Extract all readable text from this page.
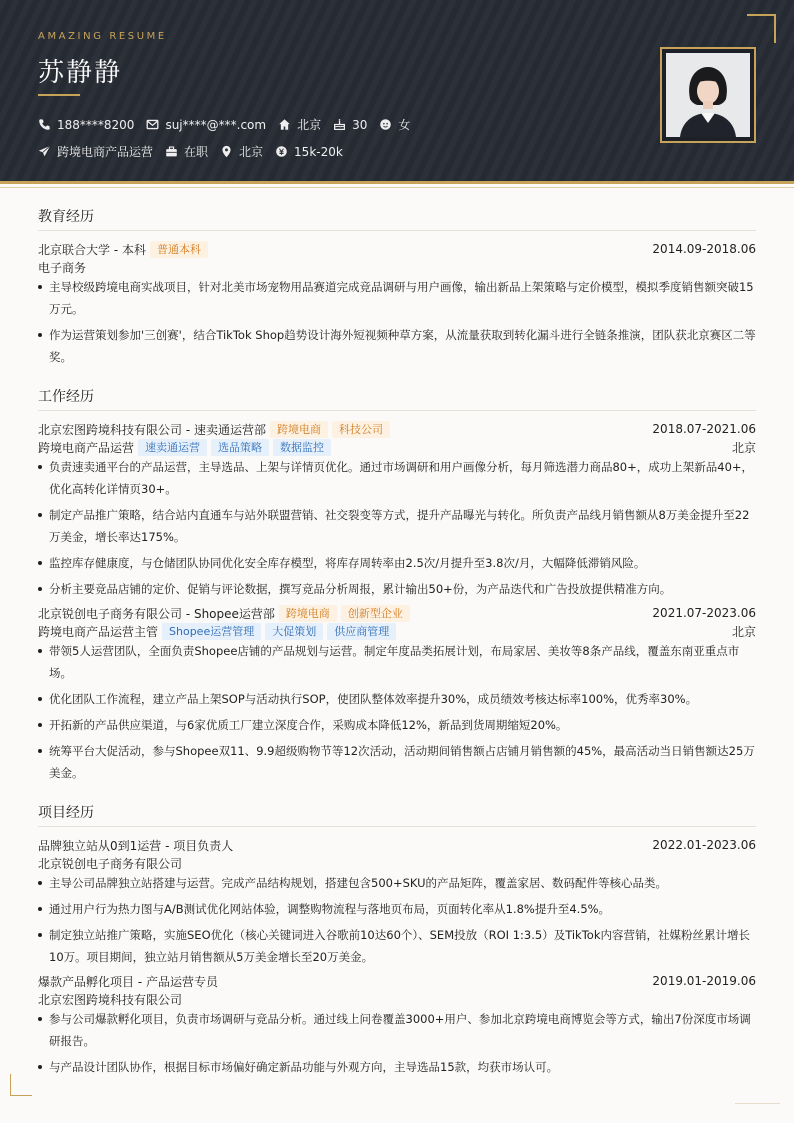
AMAZING RESUME
苏静静
188****8200	suj****@***.com	北京	30	女
跨境电商产品运营	在职	北京	15k-20k
教育经历
北京联合大学 - 本科	普通本科	2014.09-2018.06
电子商务
主导校级跨境电商实战项目，针对北美市场宠物用品赛道完成竞品调研与用户画像，输出新品上架策略与定价模型，模拟季度销售额突破15万元。
作为运营策划参加'三创赛'，结合TikTok Shop趋势设计海外短视频种草方案，从流量获取到转化漏斗进行全链条推演，团队获北京赛区二等奖。
工作经历
北京宏图跨境科技有限公司 - 速卖通运营部	跨境电商	科技公司	2018.07-2021.06
跨境电商产品运营	速卖通运营	选品策略	数据监控	北京
负责速卖通平台的产品运营，主导选品、上架与详情页优化。通过市场调研和用户画像分析，每月筛选潜力商品80+，成功上架新品40+，优化高转化详情页30+。
制定产品推广策略，结合站内直通车与站外联盟营销、社交裂变等方式，提升产品曝光与转化。所负责产品线月销售额从8万美金提升至22万美金，增长率达175%。
监控库存健康度，与仓储团队协同优化安全库存模型，将库存周转率由2.5次/月提升至3.8次/月，大幅降低滞销风险。
分析主要竞品店铺的定价、促销与评论数据，撰写竞品分析周报，累计输出50+份，为产品迭代和广告投放提供精准方向。
北京锐创电子商务有限公司 - Shopee运营部	跨境电商	创新型企业	2021.07-2023.06
跨境电商产品运营主管	Shopee运营管理	大促策划	供应商管理	北京
带领5人运营团队，全面负责Shopee店铺的产品规划与运营。制定年度品类拓展计划，布局家居、美妆等8条产品线，覆盖东南亚重点市场。
优化团队工作流程，建立产品上架SOP与活动执行SOP，使团队整体效率提升30%，成员绩效考核达标率100%，优秀率30%。
开拓新的产品供应渠道，与6家优质工厂建立深度合作，采购成本降低12%，新品到货周期缩短20%。
统筹平台大促活动，参与Shopee双11、9.9超级购物节等12次活动，活动期间销售额占店铺月销售额的45%，最高活动当日销售额达25万美金。
项目经历
品牌独立站从0到1运营 - 项目负责人	2022.01-2023.06
北京锐创电子商务有限公司
主导公司品牌独立站搭建与运营。完成产品结构规划，搭建包含500+SKU的产品矩阵，覆盖家居、数码配件等核心品类。
通过用户行为热力图与A/B测试优化网站体验，调整购物流程与落地页布局，页面转化率从1.8%提升至4.5%。
制定独立站推广策略，实施SEO优化（核心关键词进入谷歌前10达60个）、SEM投放（ROI 1:3.5）及TikTok内容营销，社媒粉丝累计增长10万。项目期间，独立站月销售额从5万美金增长至20万美金。
爆款产品孵化项目 - 产品运营专员	2019.01-2019.06
北京宏图跨境科技有限公司
参与公司爆款孵化项目，负责市场调研与竞品分析。通过线上问卷覆盖3000+用户、参加北京跨境电商博览会等方式，输出7份深度市场调研报告。
与产品设计团队协作，根据目标市场偏好确定新品功能与外观方向，主导选品15款，均获市场认可。
